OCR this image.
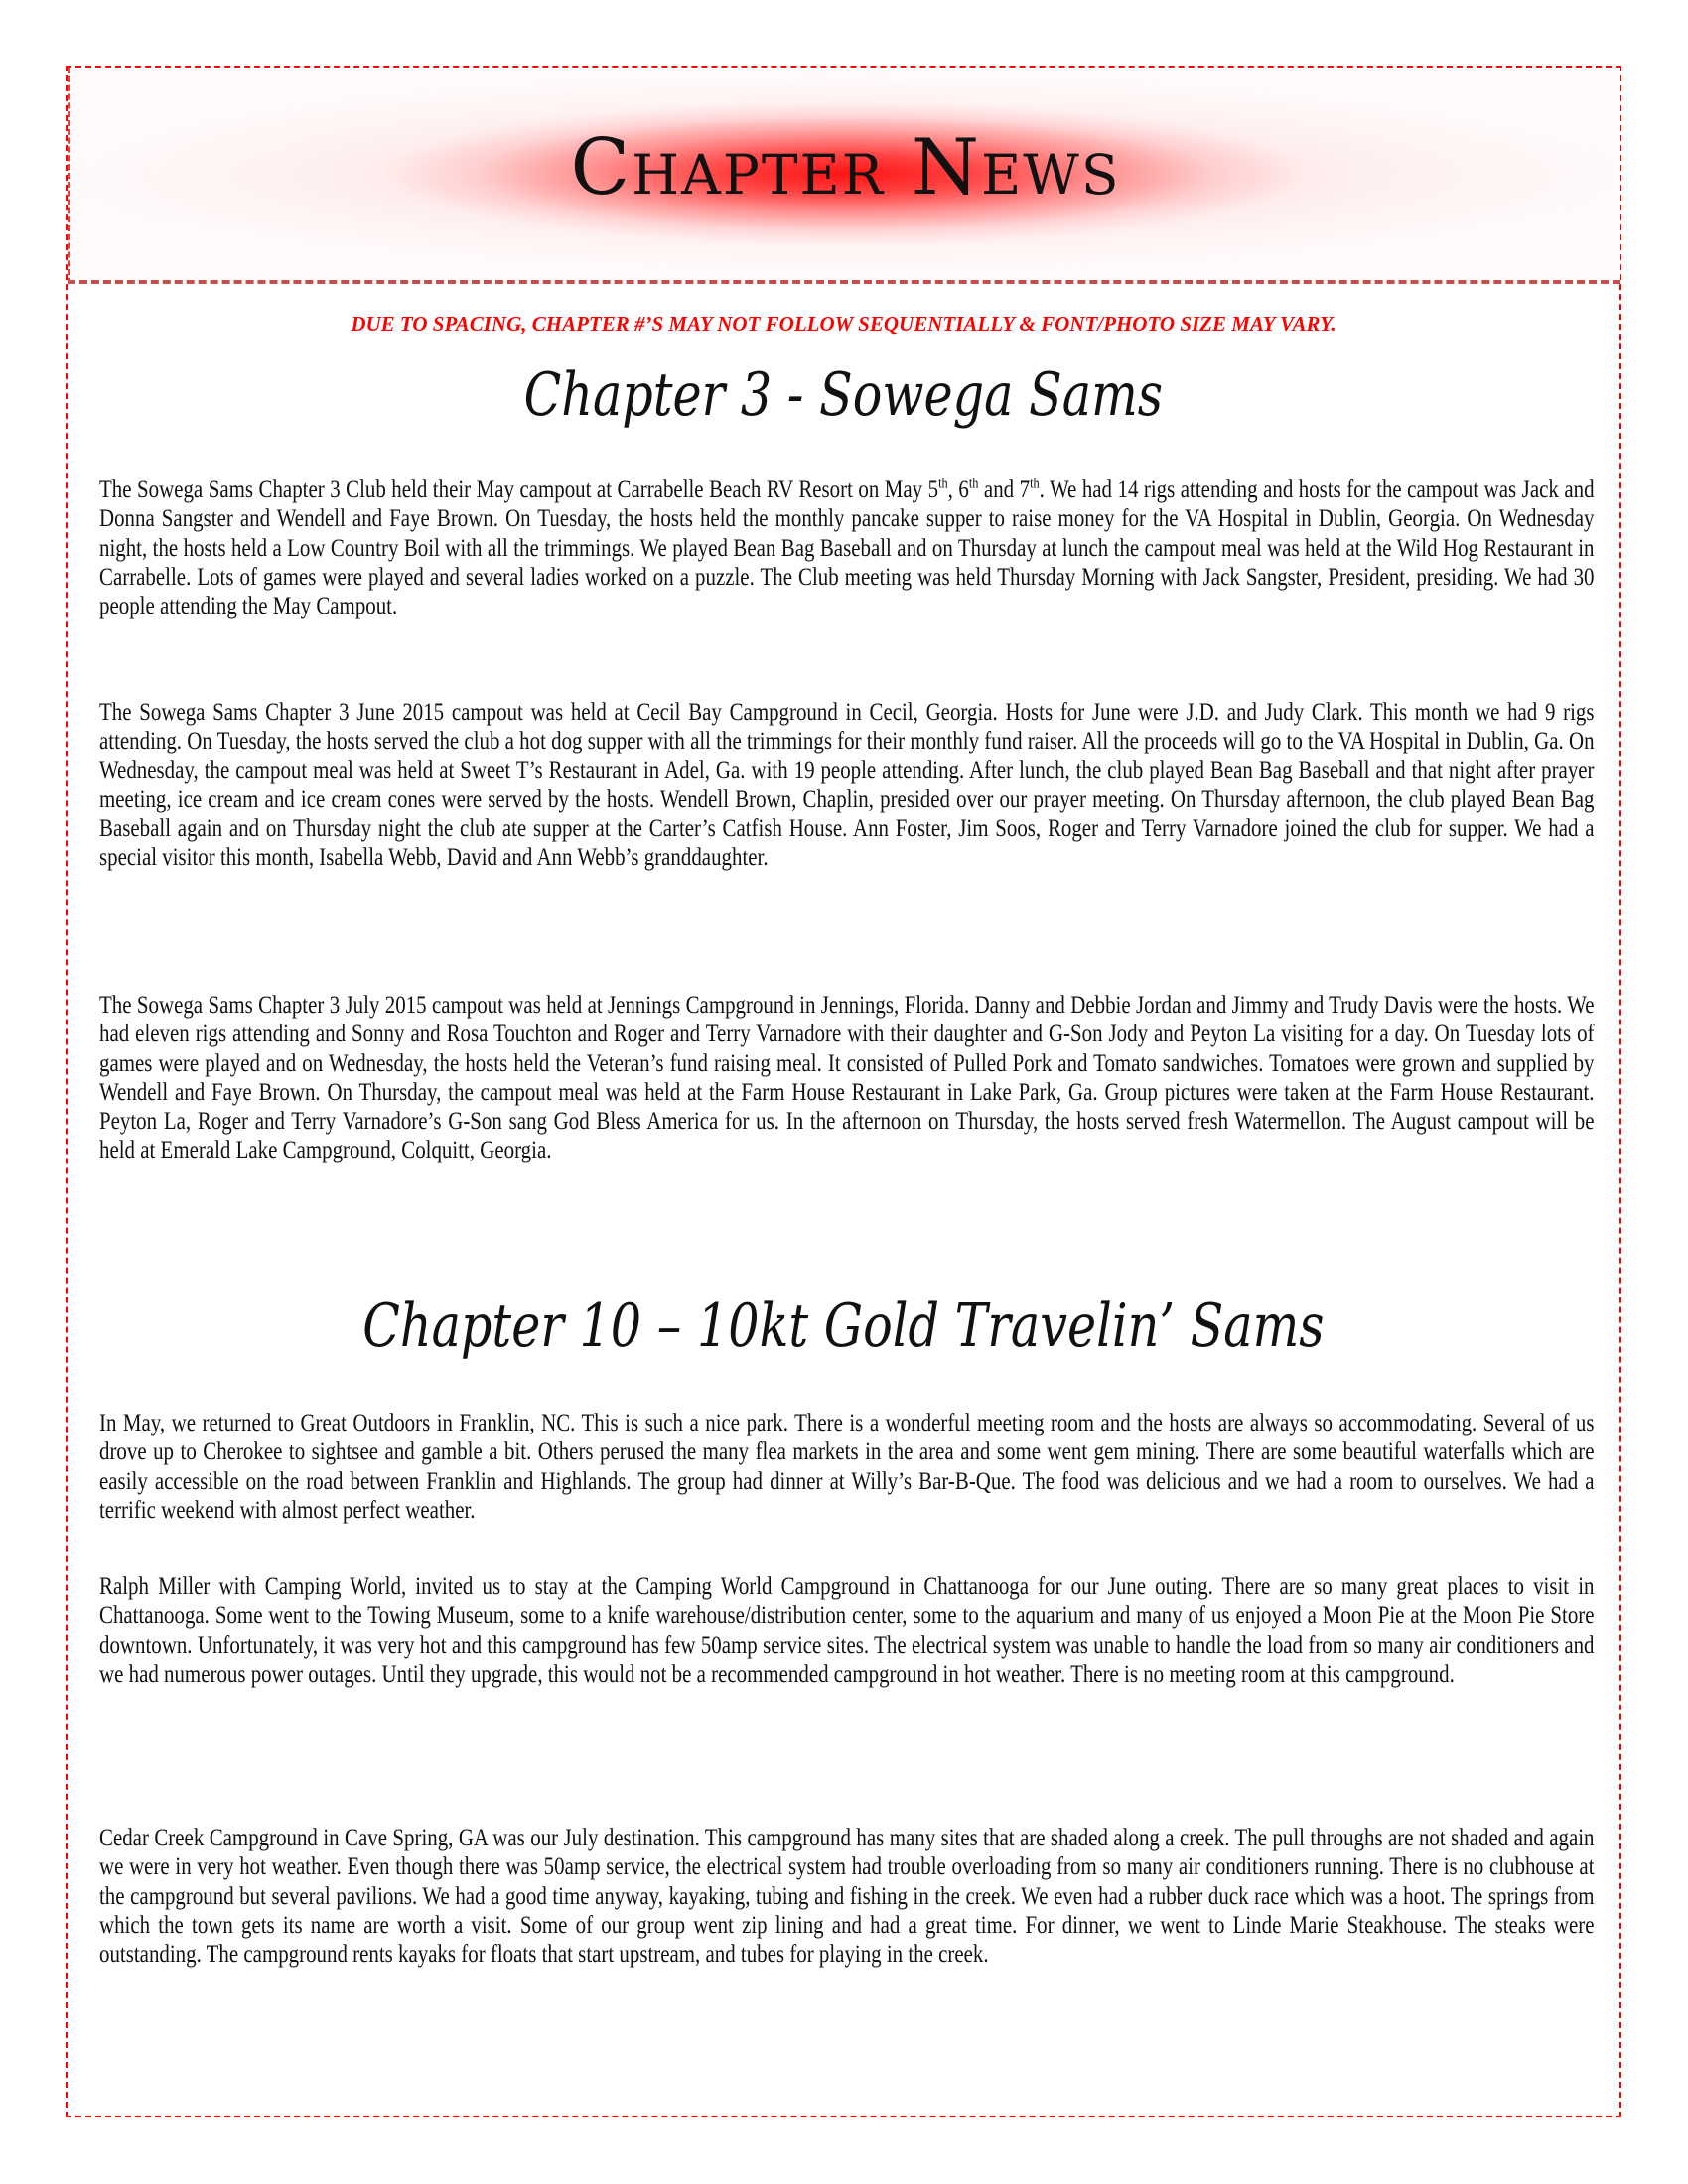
Chapter News
DUE TO SPACING, CHAPTER #’S MAY NOT FOLLOW SEQUENTIALLY & FONT/PHOTO SIZE MAY VARY.
Chapter 3 - Sowega Sams

The Sowega Sams Chapter 3 Club held their May campout at Carrabelle Beach RV Resort on May 5th, 6th and 7th. We had 14 rigs attending and hosts for the campout was Jack and Donna Sangster and Wendell and Faye Brown. On Tuesday, the hosts held the monthly pancake supper to raise money for the VA Hospital in Dublin, Georgia. On Wednesday night, the hosts held a Low Country Boil with all the trimmings. We played Bean Bag Baseball and on Thursday at lunch the campout meal was held at the Wild Hog Restaurant in Carrabelle. Lots of games were played and several ladies worked on a puzzle. The Club meeting was held Thursday Morning with Jack Sangster, President, presiding. We had 30 people attending the May Campout.

The Sowega Sams Chapter 3 June 2015 campout was held at Cecil Bay Campground in Cecil, Georgia. Hosts for June were J.D. and Judy Clark. This month we had 9 rigs attending. On Tuesday, the hosts served the club a hot dog supper with all the trimmings for their monthly fund raiser. All the proceeds will go to the VA Hospital in Dublin, Ga. On Wednesday, the campout meal was held at Sweet T’s Restaurant in Adel, Ga. with 19 people attending. After lunch, the club played Bean Bag Baseball and that night after prayer meeting, ice cream and ice cream cones were served by the hosts. Wendell Brown, Chaplin, presided over our prayer meeting. On Thursday afternoon, the club played Bean Bag Baseball again and on Thursday night the club ate supper at the Carter’s Catfish House. Ann Foster, Jim Soos, Roger and Terry Varnadore joined the club for supper. We had a special visitor this month, Isabella Webb, David and Ann Webb’s granddaughter.

The Sowega Sams Chapter 3 July 2015 campout was held at Jennings Campground in Jennings, Florida. Danny and Debbie Jordan and Jimmy and Trudy Davis were the hosts. We had eleven rigs attending and Sonny and Rosa Touchton and Roger and Terry Varnadore with their daughter and G-Son Jody and Peyton La visiting for a day. On Tuesday lots of games were played and on Wednesday, the hosts held the Veteran’s fund raising meal. It consisted of Pulled Pork and Tomato sandwiches. Tomatoes were grown and supplied by Wendell and Faye Brown. On Thursday, the campout meal was held at the Farm House Restaurant in Lake Park, Ga. Group pictures were taken at the Farm House Restaurant. Peyton La, Roger and Terry Varnadore’s G-Son sang God Bless America for us. In the afternoon on Thursday, the hosts served fresh Watermellon. The August campout will be held at Emerald Lake Campground, Colquitt, Georgia.

Chapter 10 – 10kt Gold Travelin’ Sams

In May, we returned to Great Outdoors in Franklin, NC. This is such a nice park. There is a wonderful meeting room and the hosts are always so accommodating. Several of us drove up to Cherokee to sightsee and gamble a bit. Others perused the many flea markets in the area and some went gem mining. There are some beautiful waterfalls which are easily accessible on the road between Franklin and Highlands. The group had dinner at Willy’s Bar-B-Que. The food was delicious and we had a room to ourselves. We had a terrific weekend with almost perfect weather.

Ralph Miller with Camping World, invited us to stay at the Camping World Campground in Chattanooga for our June outing. There are so many great places to visit in Chattanooga. Some went to the Towing Museum, some to a knife warehouse/distribution center, some to the aquarium and many of us enjoyed a Moon Pie at the Moon Pie Store downtown. Unfortunately, it was very hot and this campground has few 50amp service sites. The electrical system was unable to handle the load from so many air conditioners and we had numerous power outages. Until they upgrade, this would not be a recommended campground in hot weather. There is no meeting room at this campground.

Cedar Creek Campground in Cave Spring, GA was our July destination. This campground has many sites that are shaded along a creek. The pull throughs are not shaded and again we were in very hot weather. Even though there was 50amp service, the electrical system had trouble overloading from so many air conditioners running. There is no clubhouse at the campground but several pavilions. We had a good time anyway, kayaking, tubing and fishing in the creek. We even had a rubber duck race which was a hoot. The springs from which the town gets its name are worth a visit. Some of our group went zip lining and had a great time. For dinner, we went to Linde Marie Steakhouse. The steaks were outstanding. The campground rents kayaks for floats that start upstream, and tubes for playing in the creek.
